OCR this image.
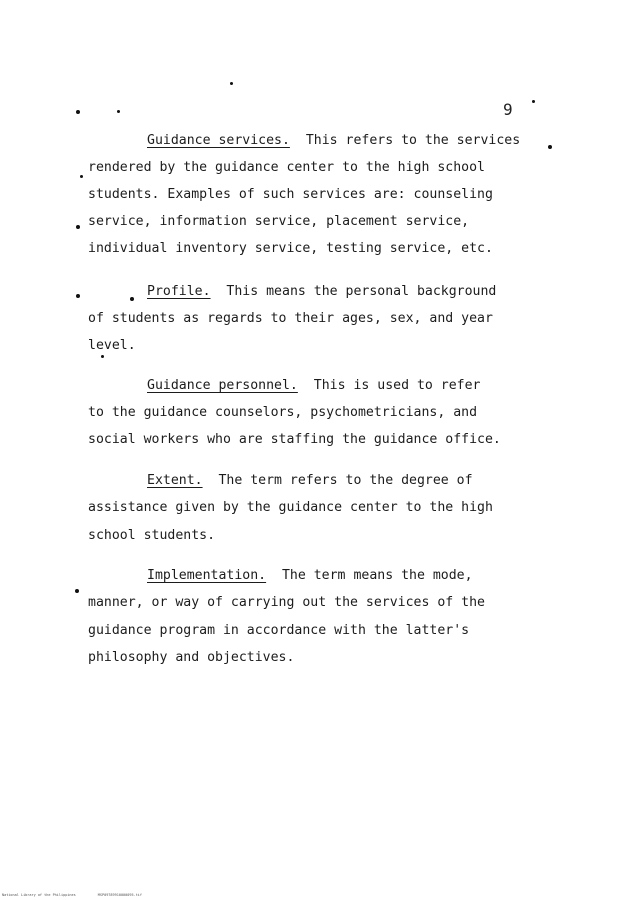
9
Guidance services. This refers to the services
rendered by the guidance center to the high school
students. Examples of such services are: counseling
service, information service, placement service,
individual inventory service, testing service, etc.
Profile. This means the personal background
of students as regards to their ages, sex, and year
level.
Guidance personnel. This is used to refer
to the guidance counselors, psychometricians, and
social workers who are staffing the guidance office.
Extent. The term refers to the degree of
assistance given by the guidance center to the high
school students.
Implementation. The term means the mode,
manner, or way of carrying out the services of the
guidance program in accordance with the latter's
philosophy and objectives.
National Library of the Philippines	MSP09789910000095.tif
